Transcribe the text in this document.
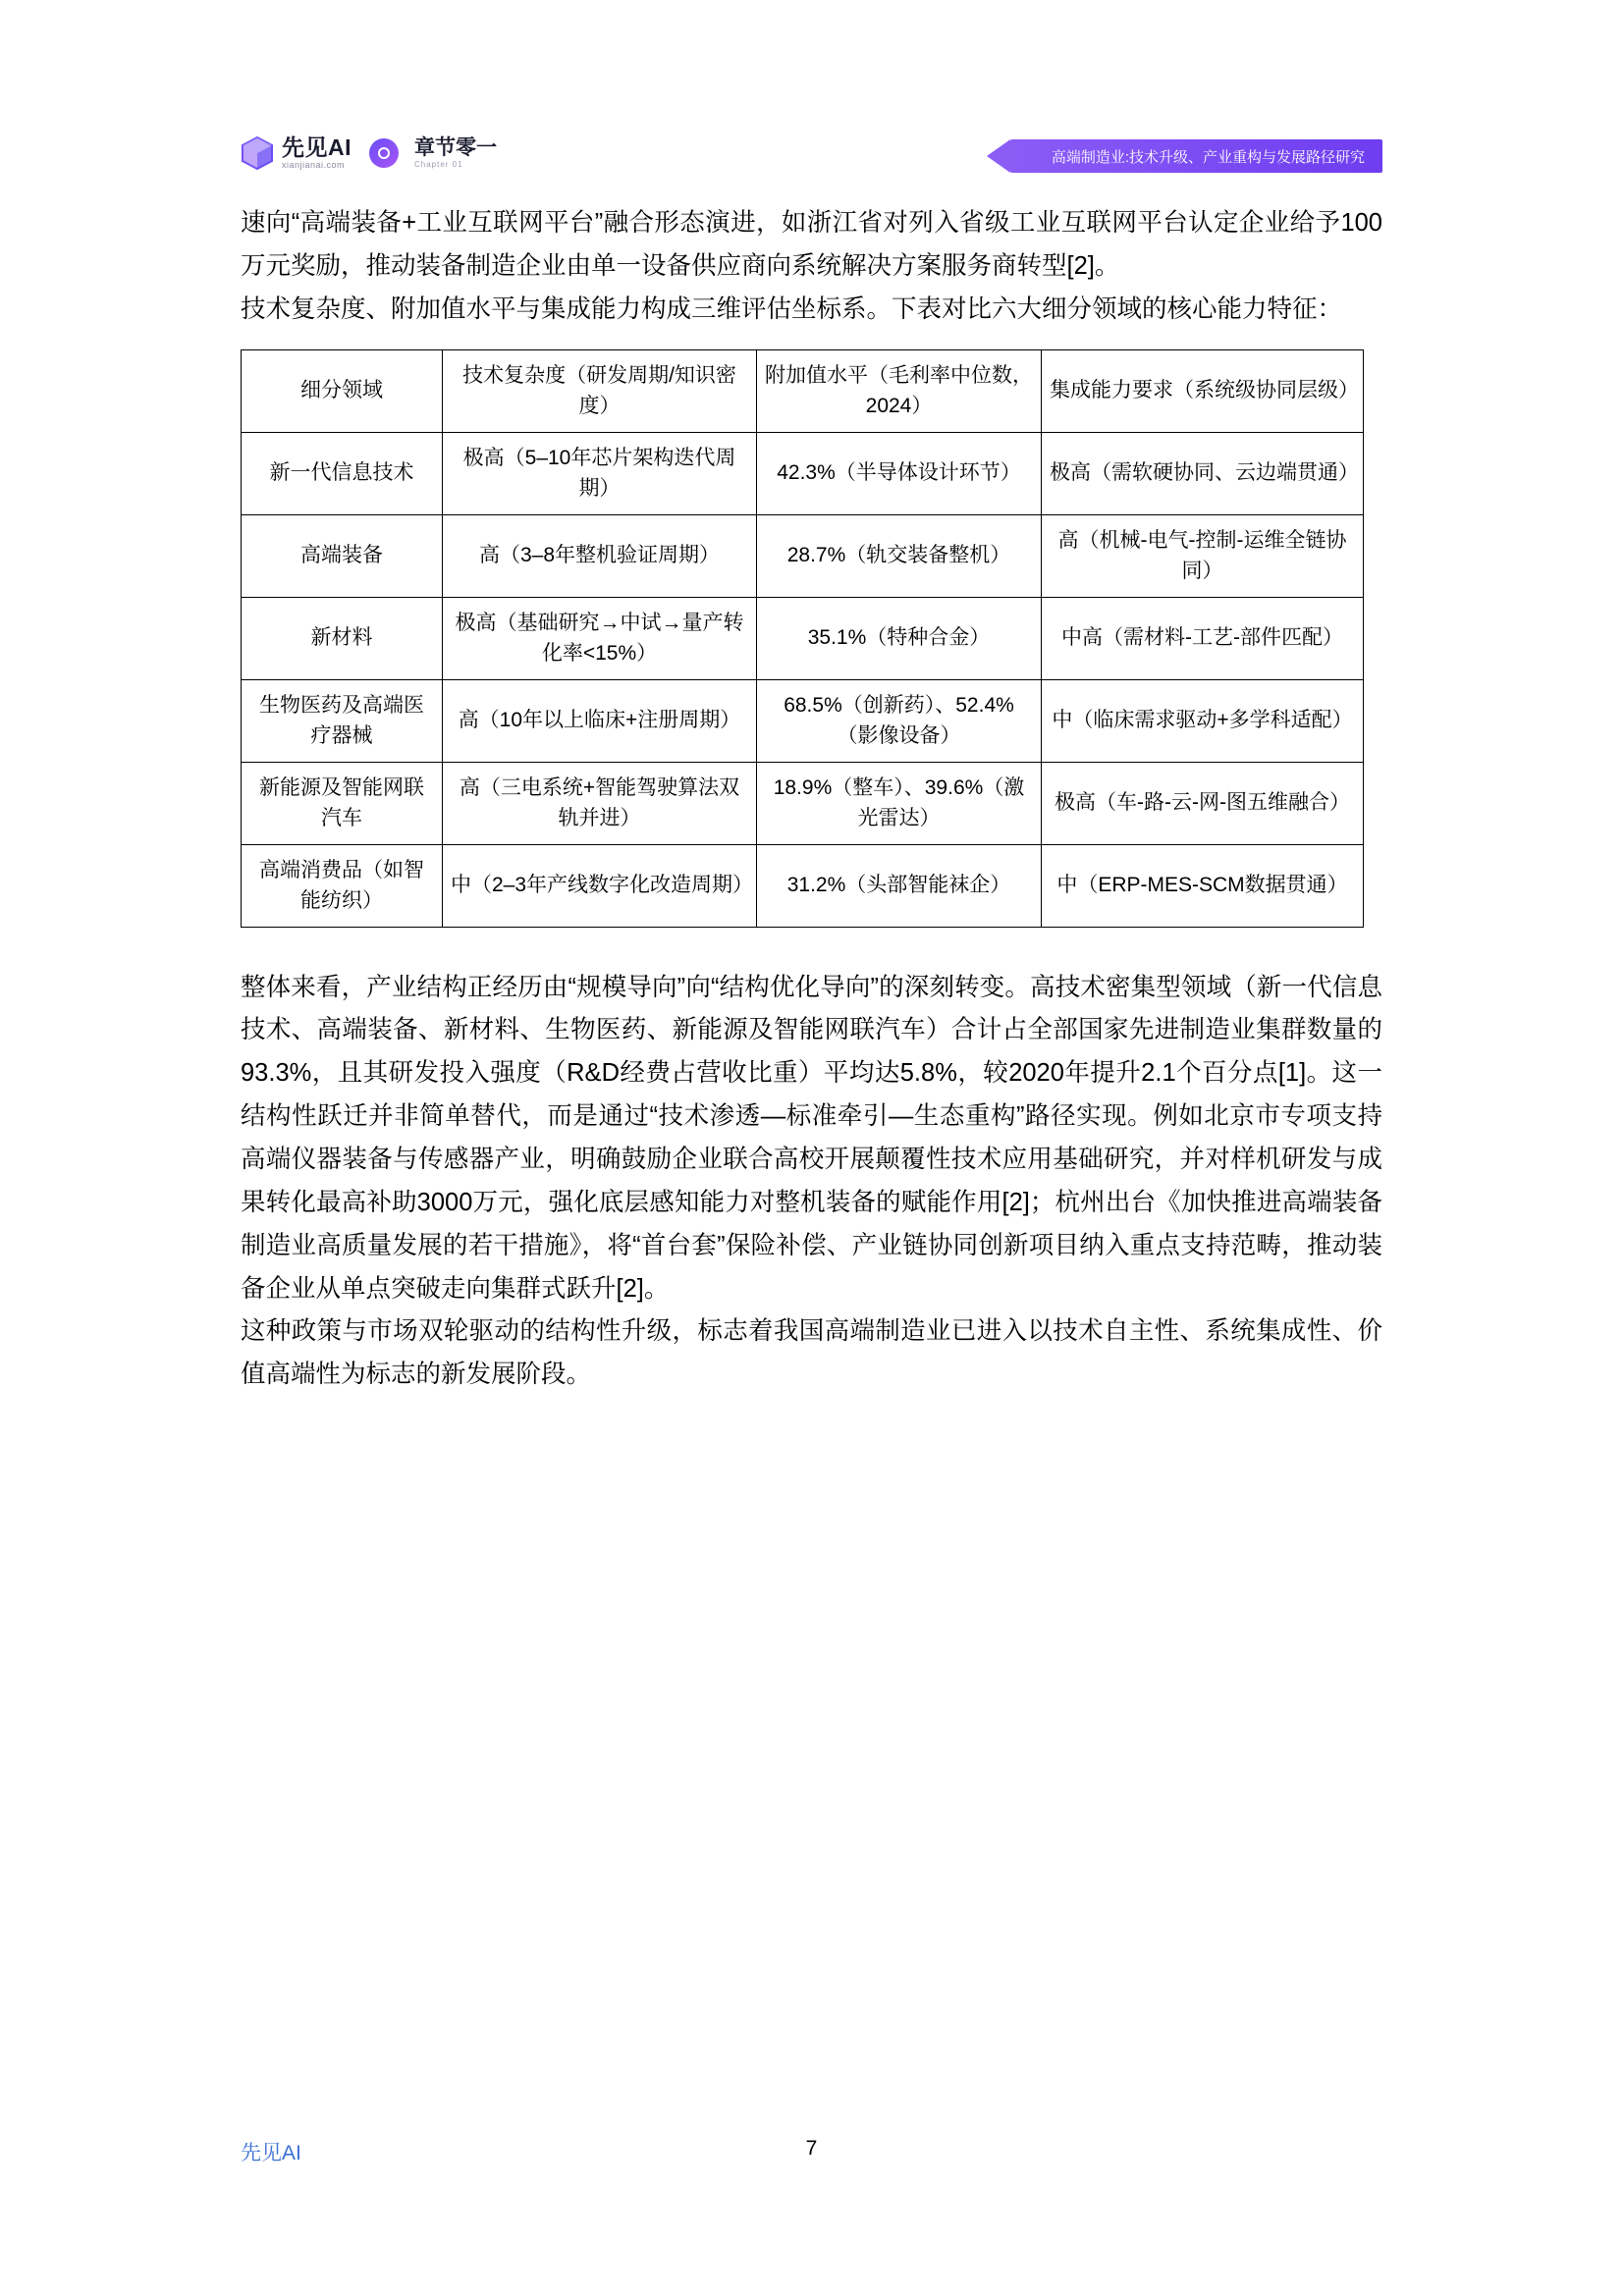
先见AI
xianjianai.com
章节零一
Chapter 01	高端制造业:技术升级、产业重构与发展路径研究

速向“高端装备+工业互联网平台”融合形态演进，如浙江省对列入省级工业互联网平台认定企业给予100万元奖励，推动装备制造企业由单一设备供应商向系统解决方案服务商转型[2]。

技术复杂度、附加值水平与集成能力构成三维评估坐标系。下表对比六大细分领域的核心能力特征：

细分领域	技术复杂度（研发周期/知识密度）	附加值水平（毛利率中位数，2024）	集成能力要求（系统级协同层级）
新一代信息技术	极高（5–10年芯片架构迭代周期）	42.3%（半导体设计环节）	极高（需软硬协同、云边端贯通）
高端装备	高（3–8年整机验证周期）	28.7%（轨交装备整机）	高（机械-电气-控制-运维全链协同）
新材料	极高（基础研究→中试→量产转化率<15%）	35.1%（特种合金）	中高（需材料-工艺-部件匹配）
生物医药及高端医疗器械	高（10年以上临床+注册周期）	68.5%（创新药）、52.4%（影像设备）	中（临床需求驱动+多学科适配）
新能源及智能网联汽车	高（三电系统+智能驾驶算法双轨并进）	18.9%（整车）、39.6%（激光雷达）	极高（车-路-云-网-图五维融合）
高端消费品（如智能纺织）	中（2–3年产线数字化改造周期）	31.2%（头部智能袜企）	中（ERP-MES-SCM数据贯通）

整体来看，产业结构正经历由“规模导向”向“结构优化导向”的深刻转变。高技术密集型领域（新一代信息技术、高端装备、新材料、生物医药、新能源及智能网联汽车）合计占全部国家先进制造业集群数量的93.3%，且其研发投入强度（R&D经费占营收比重）平均达5.8%，较2020年提升2.1个百分点[1]。这一结构性跃迁并非简单替代，而是通过“技术渗透—标准牵引—生态重构”路径实现。例如北京市专项支持高端仪器装备与传感器产业，明确鼓励企业联合高校开展颠覆性技术应用基础研究，并对样机研发与成果转化最高补助3000万元，强化底层感知能力对整机装备的赋能作用[2]；杭州出台《加快推进高端装备制造业高质量发展的若干措施》，将“首台套”保险补偿、产业链协同创新项目纳入重点支持范畴，推动装备企业从单点突破走向集群式跃升[2]。

这种政策与市场双轮驱动的结构性升级，标志着我国高端制造业已进入以技术自主性、系统集成性、价值高端性为标志的新发展阶段。

先见AI	7
